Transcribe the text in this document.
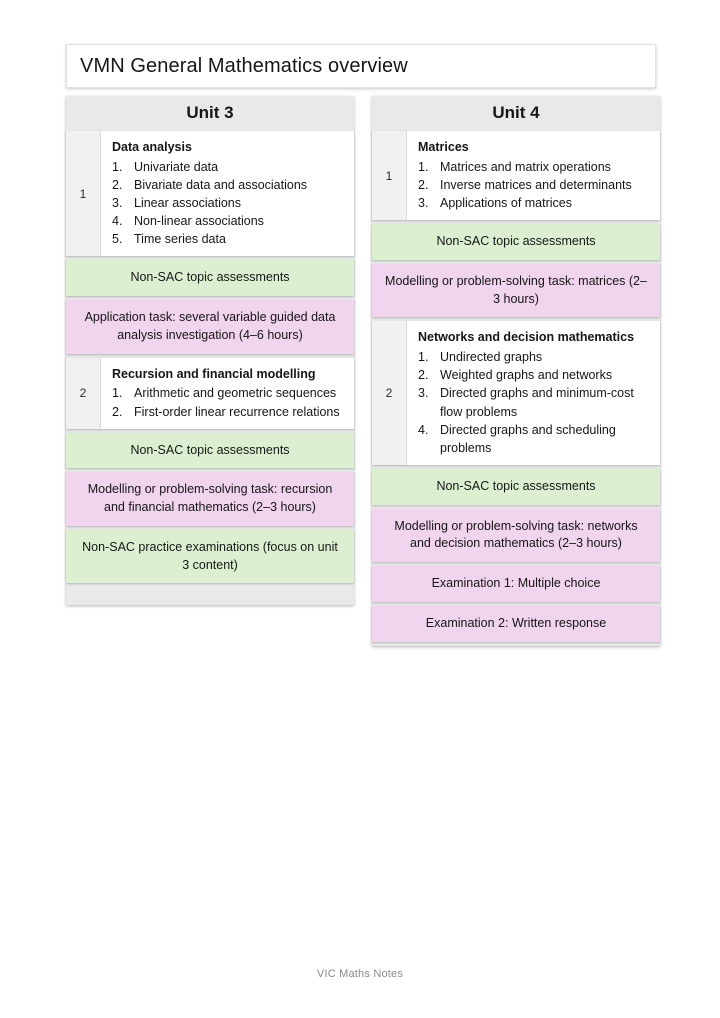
VMN General Mathematics overview
Unit 3
1
Data analysis
1. Univariate data
2. Bivariate data and associations
3. Linear associations
4. Non-linear associations
5. Time series data
Non-SAC topic assessments
Application task: several variable guided data analysis investigation (4–6 hours)
2
Recursion and financial modelling
1. Arithmetic and geometric sequences
2. First-order linear recurrence relations
Non-SAC topic assessments
Modelling or problem-solving task: recursion and financial mathematics (2–3 hours)
Non-SAC practice examinations (focus on unit 3 content)
Unit 4
1
Matrices
1. Matrices and matrix operations
2. Inverse matrices and determinants
3. Applications of matrices
Non-SAC topic assessments
Modelling or problem-solving task: matrices (2–3 hours)
2
Networks and decision mathematics
1. Undirected graphs
2. Weighted graphs and networks
3. Directed graphs and minimum-cost flow problems
4. Directed graphs and scheduling problems
Non-SAC topic assessments
Modelling or problem-solving task: networks and decision mathematics (2–3 hours)
Examination 1: Multiple choice
Examination 2: Written response
VIC Maths Notes
